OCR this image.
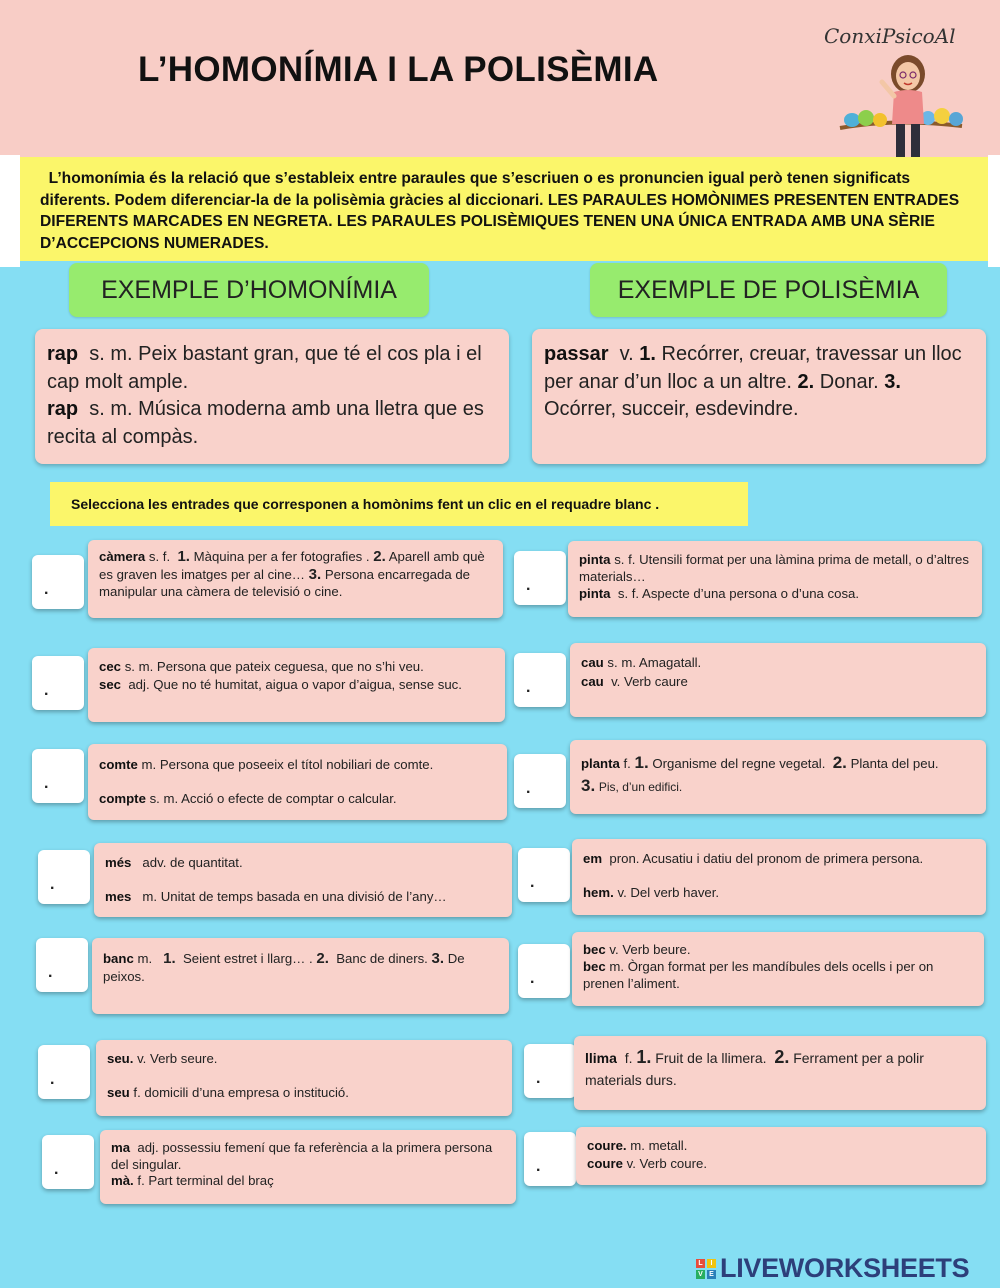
L’HOMONÍMIA I LA POLISÈMIA
ConxiPsicoAl
L’homonímia és la relació que s’estableix entre paraules que s’escriuen o es pronuncien igual però tenen significats diferents. Podem diferenciar-la de la polisèmia gràcies al diccionari. LES PARAULES HOMÒNIMES PRESENTEN ENTRADES DIFERENTS MARCADES EN NEGRETA. LES PARAULES POLISÈMIQUES TENEN UNA ÚNICA ENTRADA AMB UNA SÈRIE D’ACCEPCIONS NUMERADES.
EXEMPLE D’HOMONÍMIA	EXEMPLE DE POLISÈMIA
rap s. m. Peix bastant gran, que té el cos pla i el cap molt ample.
rap s. m. Música moderna amb una lletra que es recita al compàs.
passar v. 1. Recórrer, creuar, travessar un lloc per anar d’un lloc a un altre. 2. Donar. 3. Ocórrer, succeir, esdevindre.
Selecciona les entrades que corresponen a homònims fent un clic en el requadre blanc .
.
càmera s. f. 1. Màquina per a fer fotografies . 2. Aparell amb què es graven les imatges per al cine… 3. Persona encarregada de manipular una càmera de televisió o cine.
.
cec s. m. Persona que pateix ceguesa, que no s’hi veu.
sec adj. Que no té humitat, aigua o vapor d’aigua, sense suc.
.
comte m. Persona que poseeix el títol nobiliari de comte.

compte s. m. Acció o efecte de comptar o calcular.
.
més adv. de quantitat.

mes m. Unitat de temps basada en una divisió de l’any…
.
banc m. 1. Seient estret i llarg… . 2. Banc de diners. 3. De peixos.
.
seu. v. Verb seure.

seu f. domicili d’una empresa o institució.
.
ma adj. possessiu femení que fa referència a la primera persona del singular.
mà. f. Part terminal del braç
.
pinta s. f. Utensili format per una làmina prima de metall, o d’altres materials…
pinta s. f. Aspecte d’una persona o d’una cosa.
.
cau s. m. Amagatall.
cau v. Verb caure
.
planta f. 1. Organisme del regne vegetal. 2. Planta del peu.
3. Pis, d’un edifici.
.
em pron. Acusatiu i datiu del pronom de primera persona.

hem. v. Del verb haver.
.
bec v. Verb beure.
bec m. Òrgan format per les mandíbules dels ocells i per on prenen l’aliment.
.
llima f. 1. Fruit de la llimera. 2. Ferrament per a polir materials durs.
.
coure. m. metall.
coure v. Verb coure.
L	I
V E LIVEWORKSHEETS
